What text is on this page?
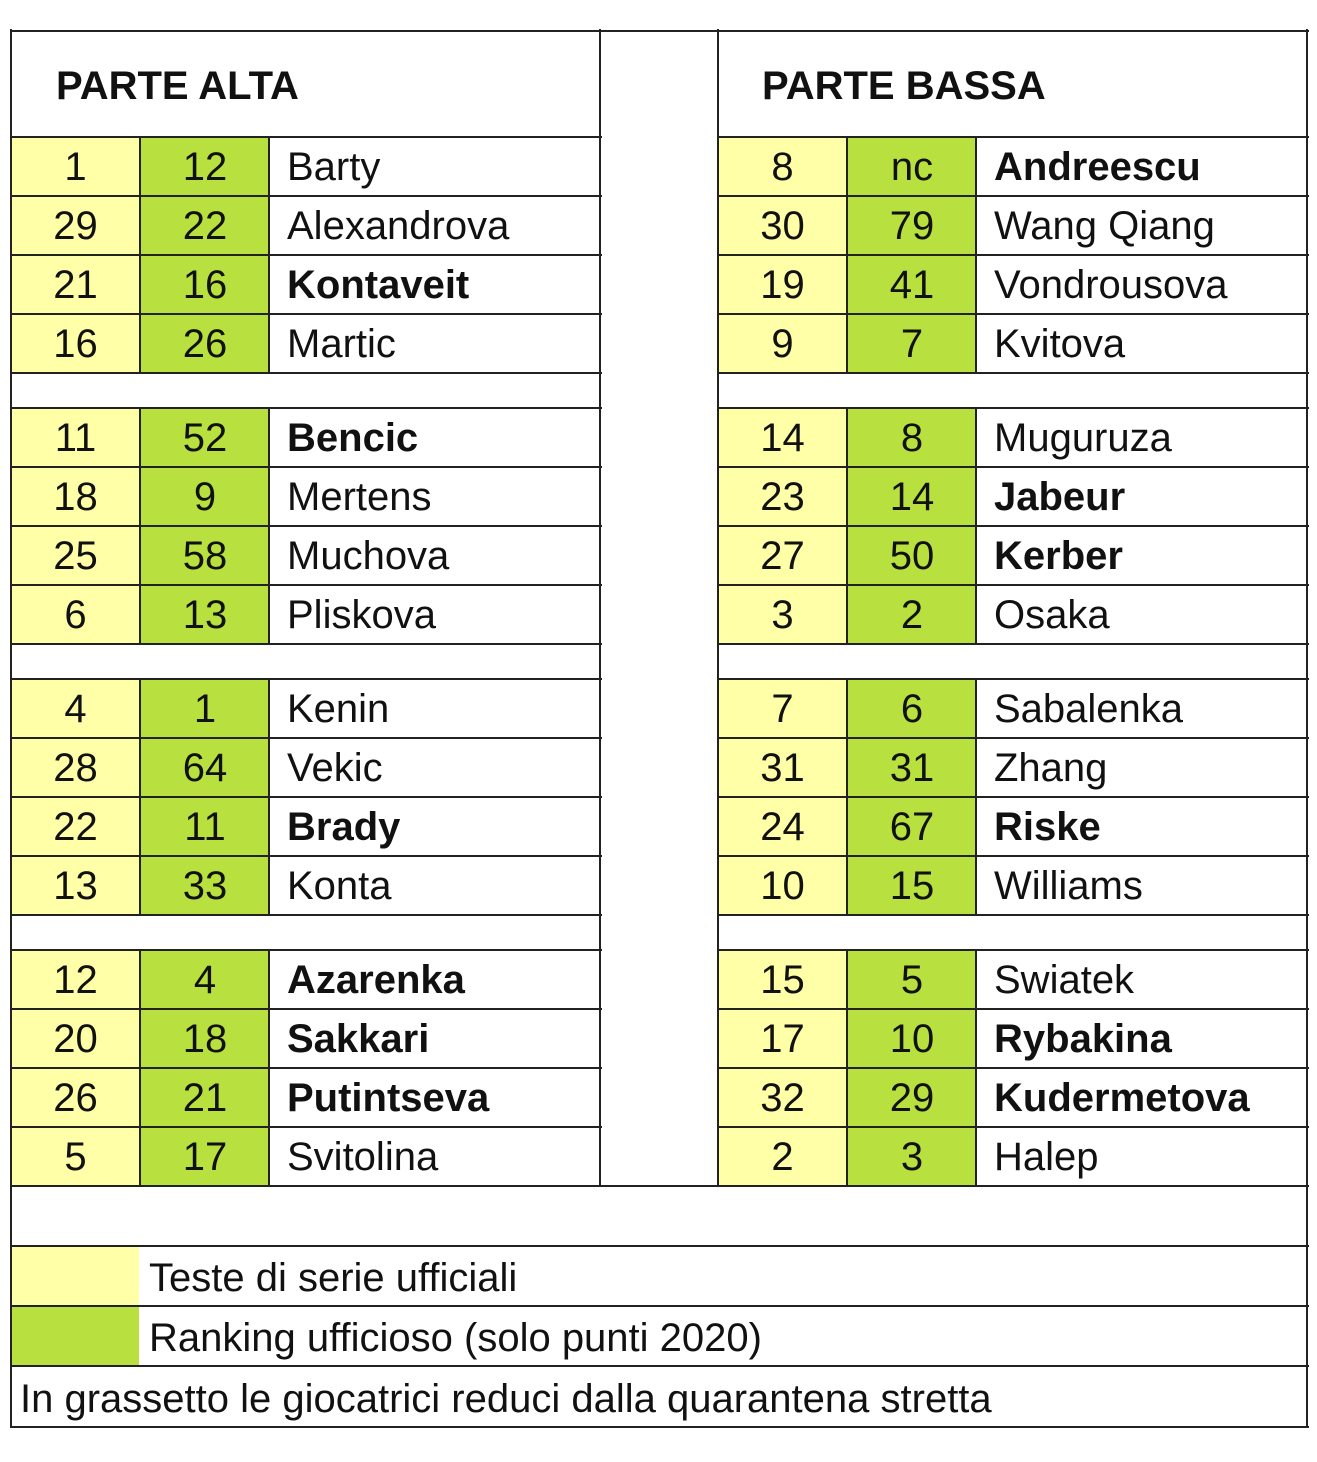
PARTE ALTA	PARTE BASSA
1	12	Barty
29	22	Alexandrova
21	16	Kontaveit
16	26	Martic
11	52	Bencic
18	9	Mertens
25	58	Muchova
6	13	Pliskova
4	1	Kenin
28	64	Vekic
22	11	Brady
13	33	Konta
12	4	Azarenka
20	18	Sakkari
26	21	Putintseva
5	17	Svitolina
8	nc	Andreescu
30	79	Wang Qiang
19	41	Vondrousova
9	7	Kvitova
14	8	Muguruza
23	14	Jabeur
27	50	Kerber
3	2	Osaka
7	6	Sabalenka
31	31	Zhang
24	67	Riske
10	15	Williams
15	5	Swiatek
17	10	Rybakina
32	29	Kudermetova
2	3	Halep
Teste di serie ufficiali
Ranking ufficioso (solo punti 2020)
In grassetto le giocatrici reduci dalla quarantena stretta
